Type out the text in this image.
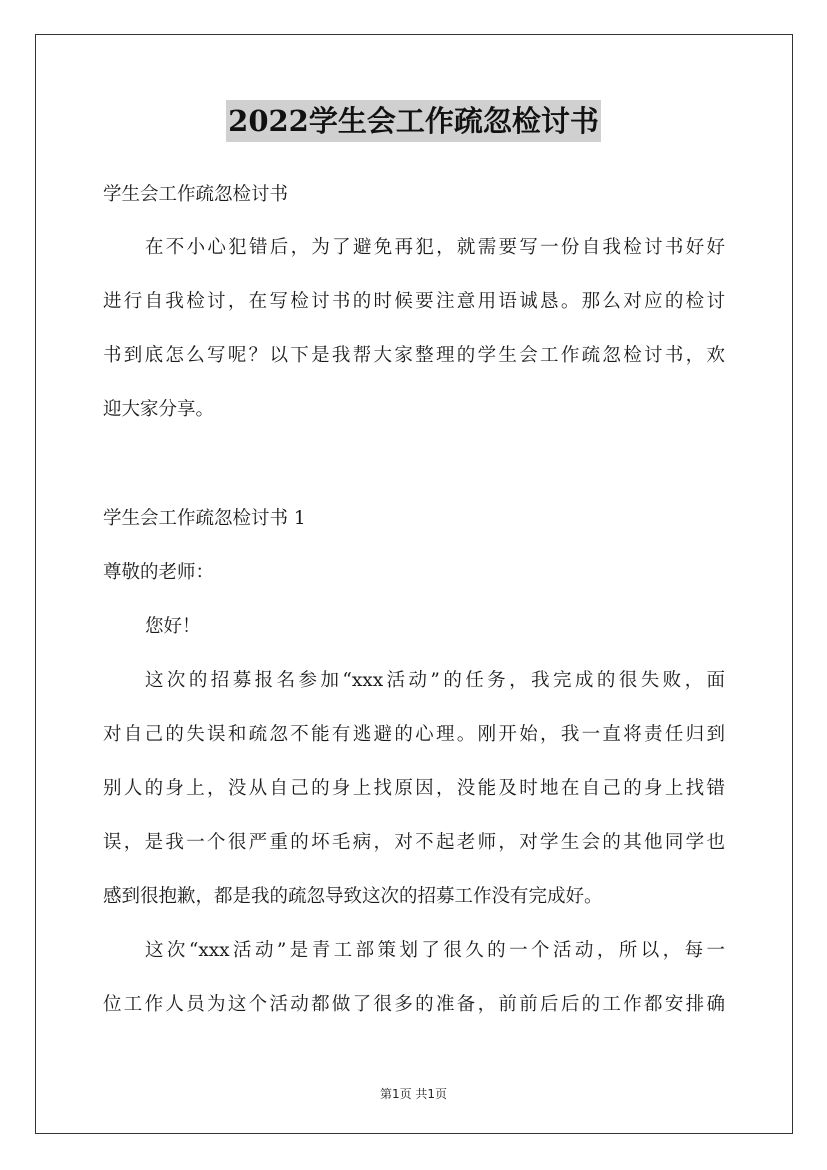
2022学生会工作疏忽检讨书
学生会工作疏忽检讨书
在不小心犯错后，为了避免再犯，就需要写一份自我检讨书好好
进行自我检讨，在写检讨书的时候要注意用语诚恳。那么对应的检讨
书到底怎么写呢？以下是我帮大家整理的学生会工作疏忽检讨书，欢
迎大家分享。
学生会工作疏忽检讨书 1
尊敬的老师：
您好！
这次的招募报名参加“xxx活动”的任务，我完成的很失败，面
对自己的失误和疏忽不能有逃避的心理。刚开始，我一直将责任归到
别人的身上，没从自己的身上找原因，没能及时地在自己的身上找错
误，是我一个很严重的坏毛病，对不起老师，对学生会的其他同学也
感到很抱歉，都是我的疏忽导致这次的招募工作没有完成好。
这次“xxx活动”是青工部策划了很久的一个活动，所以，每一
位工作人员为这个活动都做了很多的准备，前前后后的工作都安排确
第1页 共1页
